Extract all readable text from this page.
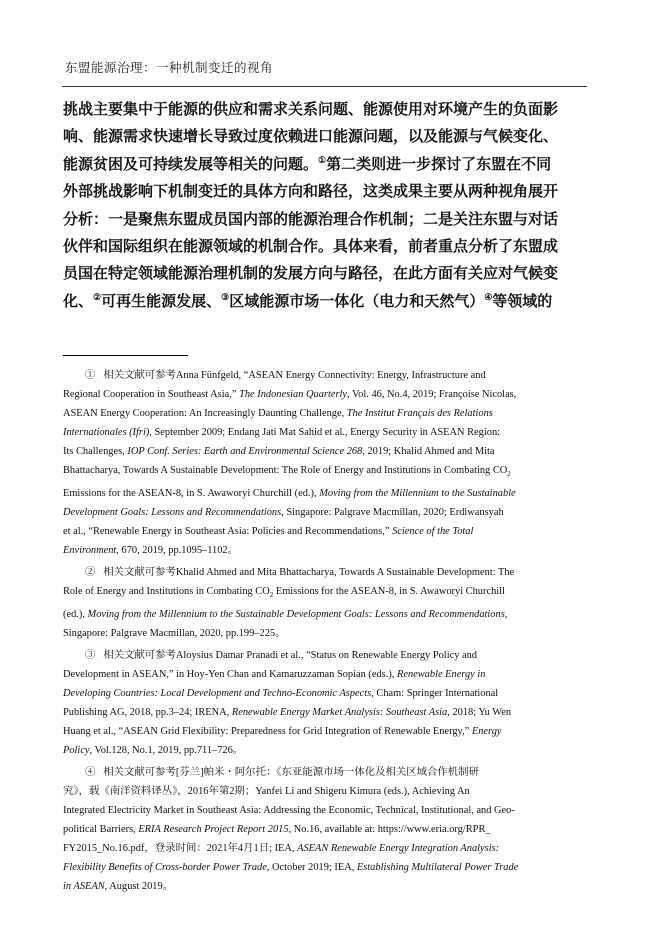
东盟能源治理：一种机制变迁的视角
挑战主要集中于能源的供应和需求关系问题、能源使用对环境产生的负面影
响、能源需求快速增长导致过度依赖进口能源问题，以及能源与气候变化、
能源贫困及可持续发展等相关的问题。①第二类则进一步探讨了东盟在不同
外部挑战影响下机制变迁的具体方向和路径，这类成果主要从两种视角展开
分析：一是聚焦东盟成员国内部的能源治理合作机制；二是关注东盟与对话
伙伴和国际组织在能源领域的机制合作。具体来看，前者重点分析了东盟成
员国在特定领域能源治理机制的发展方向与路径，在此方面有关应对气候变
化、②可再生能源发展、③区域能源市场一体化（电力和天然气）④等领域的
① 相关文献可参考Anna Fünfgeld, “ASEAN Energy Connectivity: Energy, Infrastructure and
Regional Cooperation in Southeast Asia,” The Indonesian Quarterly, Vol. 46, No.4, 2019; Françoise Nicolas,
ASEAN Energy Cooperation: An Increasingly Daunting Challenge, The Institut Français des Relations
Internationales (Ifri), September 2009; Endang Jati Mat Sahid et al., Energy Security in ASEAN Region:
Its Challenges, IOP Conf. Series: Earth and Environmental Science 268, 2019; Khalid Ahmed and Mita
Bhattacharya, Towards A Sustainable Development: The Role of Energy and Institutions in Combating $CO_2$
Emissions for the ASEAN-8, in S. Awaworyi Churchill (ed.), Moving from the Millennium to the Sustainable
Development Goals: Lessons and Recommendations, Singapore: Palgrave Macmillan, 2020; Erdiwansyah
et al., “Renewable Energy in Southeast Asia: Policies and Recommendations,” Science of the Total
Environment, 670, 2019, pp.1095–1102。
② 相关文献可参考Khalid Ahmed and Mita Bhattacharya, Towards A Sustainable Development: The
Role of Energy and Institutions in Combating $CO_2$ Emissions for the ASEAN-8, in S. Awaworyi Churchill
(ed.), Moving from the Millennium to the Sustainable Development Goals: Lessons and Recommendations,
Singapore: Palgrave Macmillan, 2020, pp.199–225。
③ 相关文献可参考Aloysius Damar Pranadi et al., “Status on Renewable Energy Policy and
Development in ASEAN,” in Hoy-Yen Chan and Kamaruzzaman Sopian (eds.), Renewable Energy in
Developing Countries: Local Development and Techno-Economic Aspects, Cham: Springer International
Publishing AG, 2018, pp.3–24; IRENA, Renewable Energy Market Analysis: Southeast Asia, 2018; Yu Wen
Huang et al., “ASEAN Grid Flexibility: Preparedness for Grid Integration of Renewable Energy,” Energy
Policy, Vol.128, No.1, 2019, pp.711–726。
④ 相关文献可参考[芬兰]帕米・阿尔托：《东亚能源市场一体化及相关区域合作机制研
究》，载《南洋资料译丛》，2016年第2期；Yanfei Li and Shigeru Kimura (eds.), Achieving An
Integrated Electricity Market in Southeast Asia: Addressing the Economic, Technical, Institutional, and Geo-
political Barriers, ERIA Research Project Report 2015, No.16, available at: https://www.eria.org/RPR_
FY2015_No.16.pdf，登录时间：2021年4月1日; IEA, ASEAN Renewable Energy Integration Analysis:
Flexibility Benefits of Cross-border Power Trade, October 2019; IEA, Establishing Multilateral Power Trade
in ASEAN, August 2019。
